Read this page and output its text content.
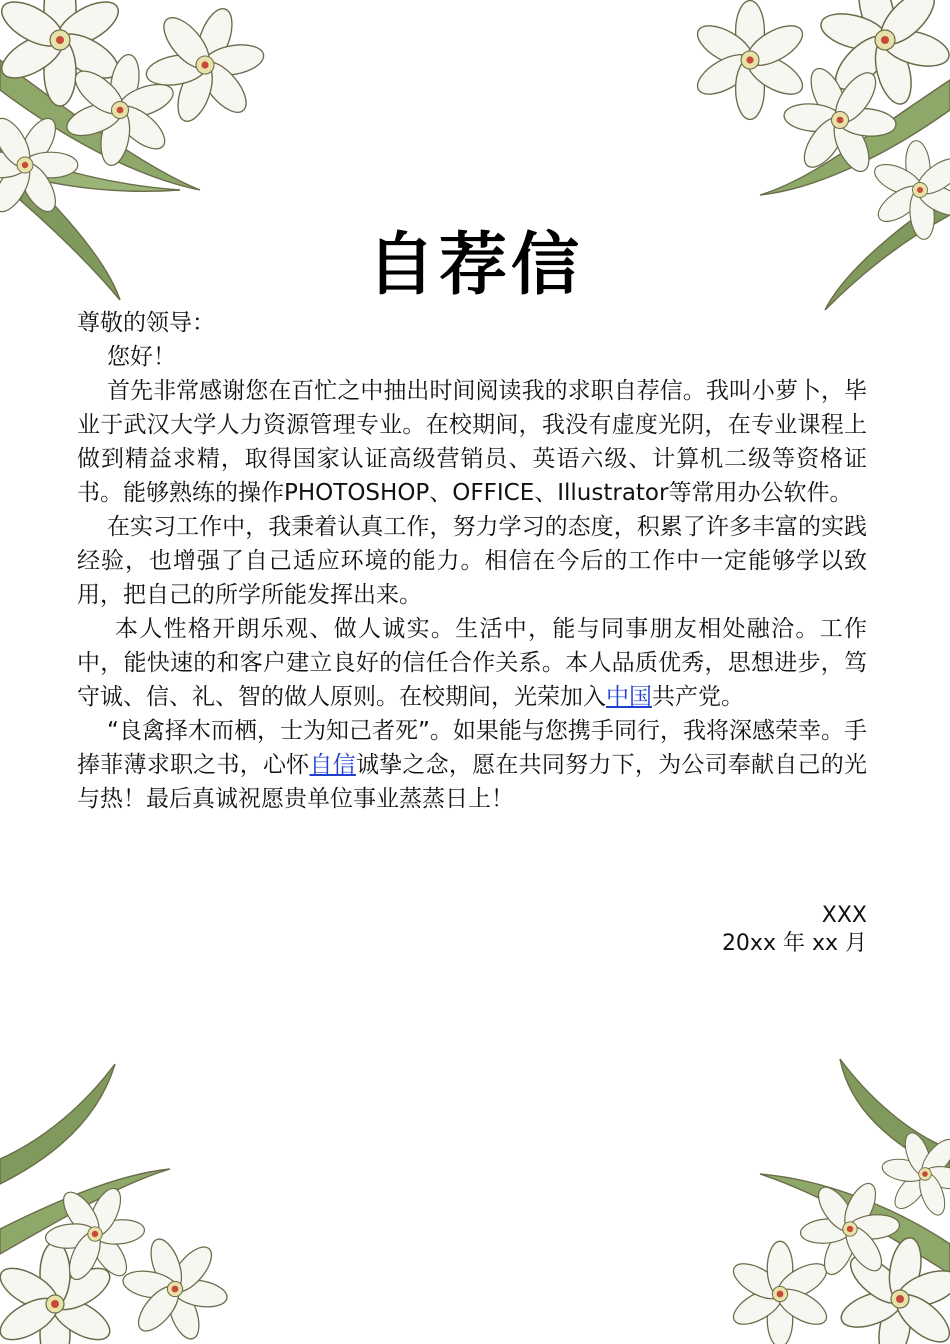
自荐信

尊敬的领导：

您好！

首先非常感谢您在百忙之中抽出时间阅读我的求职自荐信。我叫小萝卜，毕业于武汉大学人力资源管理专业。在校期间，我没有虚度光阴，在专业课程上做到精益求精，取得国家认证高级营销员、英语六级、计算机二级等资格证书。能够熟练的操作PHOTOSHOP、OFFICE、Illustrator等常用办公软件。

在实习工作中，我秉着认真工作，努力学习的态度，积累了许多丰富的实践经验，也增强了自己适应环境的能力。相信在今后的工作中一定能够学以致用，把自己的所学所能发挥出来。

本人性格开朗乐观、做人诚实。生活中，能与同事朋友相处融洽。工作中，能快速的和客户建立良好的信任合作关系。本人品质优秀，思想进步，笃守诚、信、礼、智的做人原则。在校期间，光荣加入中国共产党。

“良禽择木而栖，士为知己者死”。如果能与您携手同行，我将深感荣幸。手捧菲薄求职之书，心怀自信诚挚之念，愿在共同努力下，为公司奉献自己的光与热！最后真诚祝愿贵单位事业蒸蒸日上！

XXX
20xx 年 xx 月
